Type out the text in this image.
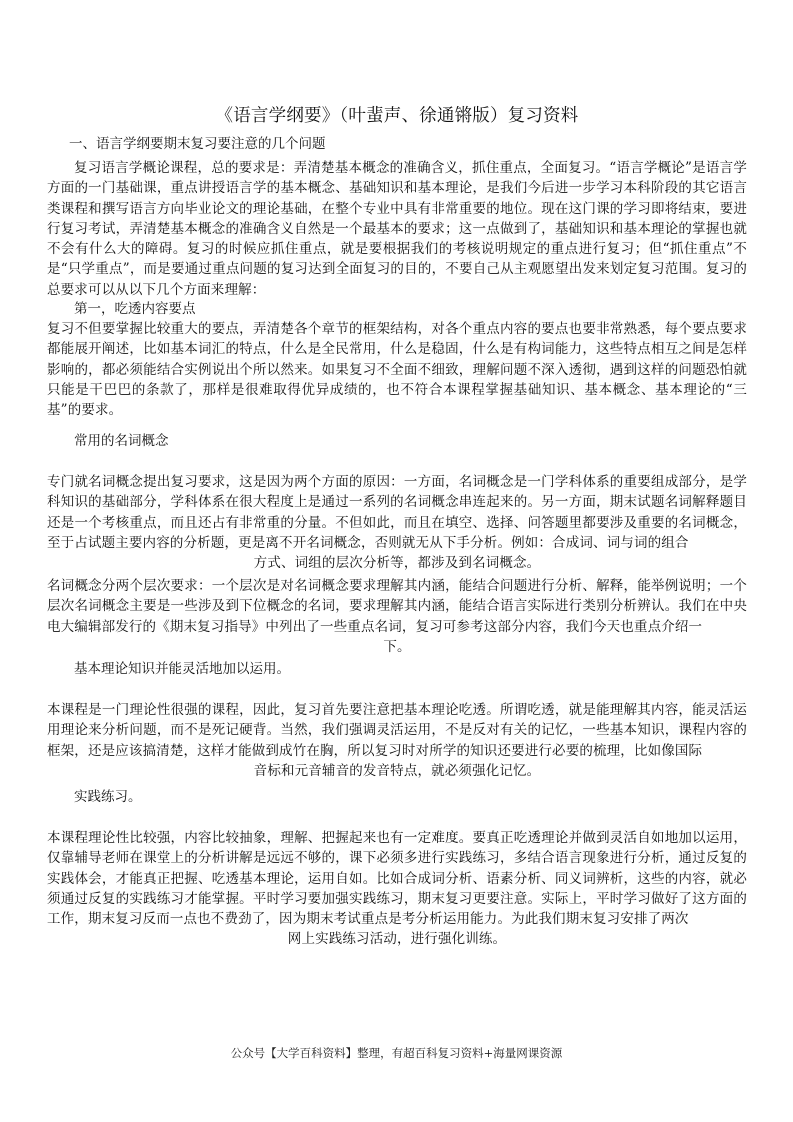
《语言学纲要》（叶蜚声、徐通锵版）复习资料
一、语言学纲要期末复习要注意的几个问题
复习语言学概论课程，总的要求是：弄清楚基本概念的准确含义，抓住重点，全面复习。“语言学概论”是语言学方面的一门基础课，重点讲授语言学的基本概念、基础知识和基本理论，是我们今后进一步学习本科阶段的其它语言类课程和撰写语言方向毕业论文的理论基础，在整个专业中具有非常重要的地位。现在这门课的学习即将结束，要进行复习考试，弄清楚基本概念的准确含义自然是一个最基本的要求；这一点做到了，基础知识和基本理论的掌握也就不会有什么大的障碍。复习的时候应抓住重点，就是要根据我们的考核说明规定的重点进行复习；但“抓住重点”不是“只学重点”，而是要通过重点问题的复习达到全面复习的目的，不要自己从主观愿望出发来划定复习范围。复习的总要求可以从以下几个方面来理解：
第一，吃透内容要点
复习不但要掌握比较重大的要点，弄清楚各个章节的框架结构，对各个重点内容的要点也要非常熟悉，每个要点要求都能展开阐述，比如基本词汇的特点，什么是全民常用，什么是稳固，什么是有构词能力，这些特点相互之间是怎样影响的，都必须能结合实例说出个所以然来。如果复习不全面不细致，理解问题不深入透彻，遇到这样的问题恐怕就只能是干巴巴的条款了，那样是很难取得优异成绩的，也不符合本课程掌握基础知识、基本概念、基本理论的“三基”的要求。
常用的名词概念
专门就名词概念提出复习要求，这是因为两个方面的原因：一方面，名词概念是一门学科体系的重要组成部分，是学科知识的基础部分，学科体系在很大程度上是通过一系列的名词概念串连起来的。另一方面，期末试题名词解释题目还是一个考核重点，而且还占有非常重的分量。不但如此，而且在填空、选择、问答题里都要涉及重要的名词概念，至于占试题主要内容的分析题，更是离不开名词概念，否则就无从下手分析。例如：合成词、词与词的组合
方式、词组的层次分析等，都涉及到名词概念。
名词概念分两个层次要求：一个层次是对名词概念要求理解其内涵，能结合问题进行分析、解释，能举例说明；一个层次名词概念主要是一些涉及到下位概念的名词，要求理解其内涵，能结合语言实际进行类别分析辨认。我们在中央电大编辑部发行的《期末复习指导》中列出了一些重点名词，复习可参考这部分内容，我们今天也重点介绍一
下。
基本理论知识并能灵活地加以运用。
本课程是一门理论性很强的课程，因此，复习首先要注意把基本理论吃透。所谓吃透，就是能理解其内容，能灵活运用理论来分析问题，而不是死记硬背。当然，我们强调灵活运用，不是反对有关的记忆，一些基本知识，课程内容的框架，还是应该搞清楚，这样才能做到成竹在胸，所以复习时对所学的知识还要进行必要的梳理，比如像国际
音标和元音辅音的发音特点，就必须强化记忆。
实践练习。
本课程理论性比较强，内容比较抽象，理解、把握起来也有一定难度。要真正吃透理论并做到灵活自如地加以运用，仅靠辅导老师在课堂上的分析讲解是远远不够的，课下必须多进行实践练习，多结合语言现象进行分析，通过反复的实践体会，才能真正把握、吃透基本理论，运用自如。比如合成词分析、语素分析、同义词辨析，这些的内容，就必须通过反复的实践练习才能掌握。平时学习要加强实践练习，期末复习更要注意。实际上，平时学习做好了这方面的工作，期末复习反而一点也不费劲了，因为期末考试重点是考分析运用能力。为此我们期末复习安排了两次
网上实践练习活动，进行强化训练。
公众号【大学百科资料】整理，有超百科复习资料+海量网课资源
